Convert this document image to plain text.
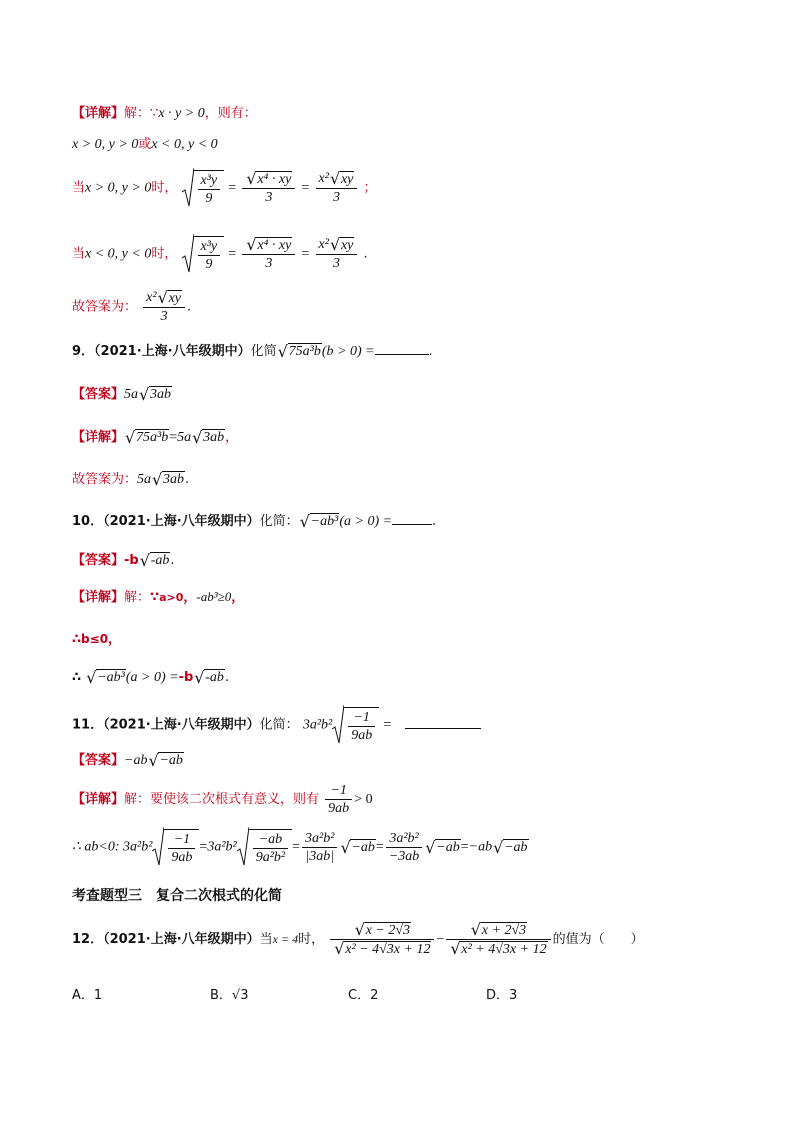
【详解】解：∵x · y > 0，则有：
x > 0, y > 0或x < 0, y < 0
当x > 0, y > 0时， $\frac{\text{x³y}}{9} = \frac{\text{√ x⁴ · xy}}{3} = \frac{\text{x² √ xy}}{3}$ ；
当x < 0, y < 0时， $\frac{\text{x³y}}{9} = \frac{\text{√ x⁴ · xy}}{3} = \frac{\text{x² √ xy}}{3}$ .
故答案为： $\frac{\text{x² √ xy}}{3}$ .
9．（2021·上海·八年级期中）化简 √ 75a³b(b > 0) =	.
【答案】5a √ 3ab
【详解】 √ 75a³b=5a √ 3ab，
故答案为：5a √ 3ab.
10．（2021·上海·八年级期中）化简： √ −ab³(a > 0) =	.
【答案】-b √ -ab.
【详解】解：∵a>0，-ab³≥0，
∴b≤0，
∴ √ −ab³(a > 0) =-b √ -ab.
11．（2021·上海·八年级期中）化简： $3a^2b^2 \frac{-1}{9ab}$ =
【答案】−ab √ −ab
【详解】解：要使该二次根式有意义，则有 $\frac{-1}{9ab} > 0$
∴ ab<0: $3a^2b^2 \frac{-1}{9ab} =3a^2b^2 \frac{-ab}{\text{9a²b²}} = \frac{\text{3a²b²}}{|3ab|}$ √ $-ab= \frac{\text{3a²b²}}{-3ab}$ √ −ab=−ab √ −ab
考查题型三　复合二次根式的化简
12．（2021·上海·八年级期中）当x = 4时， $\frac{√ x - 2√3}{\text{√ x² − 4√3x + 12}} - \frac{√ x + 2√3}{\text{√ x² + 4√3x + 12}}$ 的值为（　　）
A．1	B．√3	C．2	D．3
